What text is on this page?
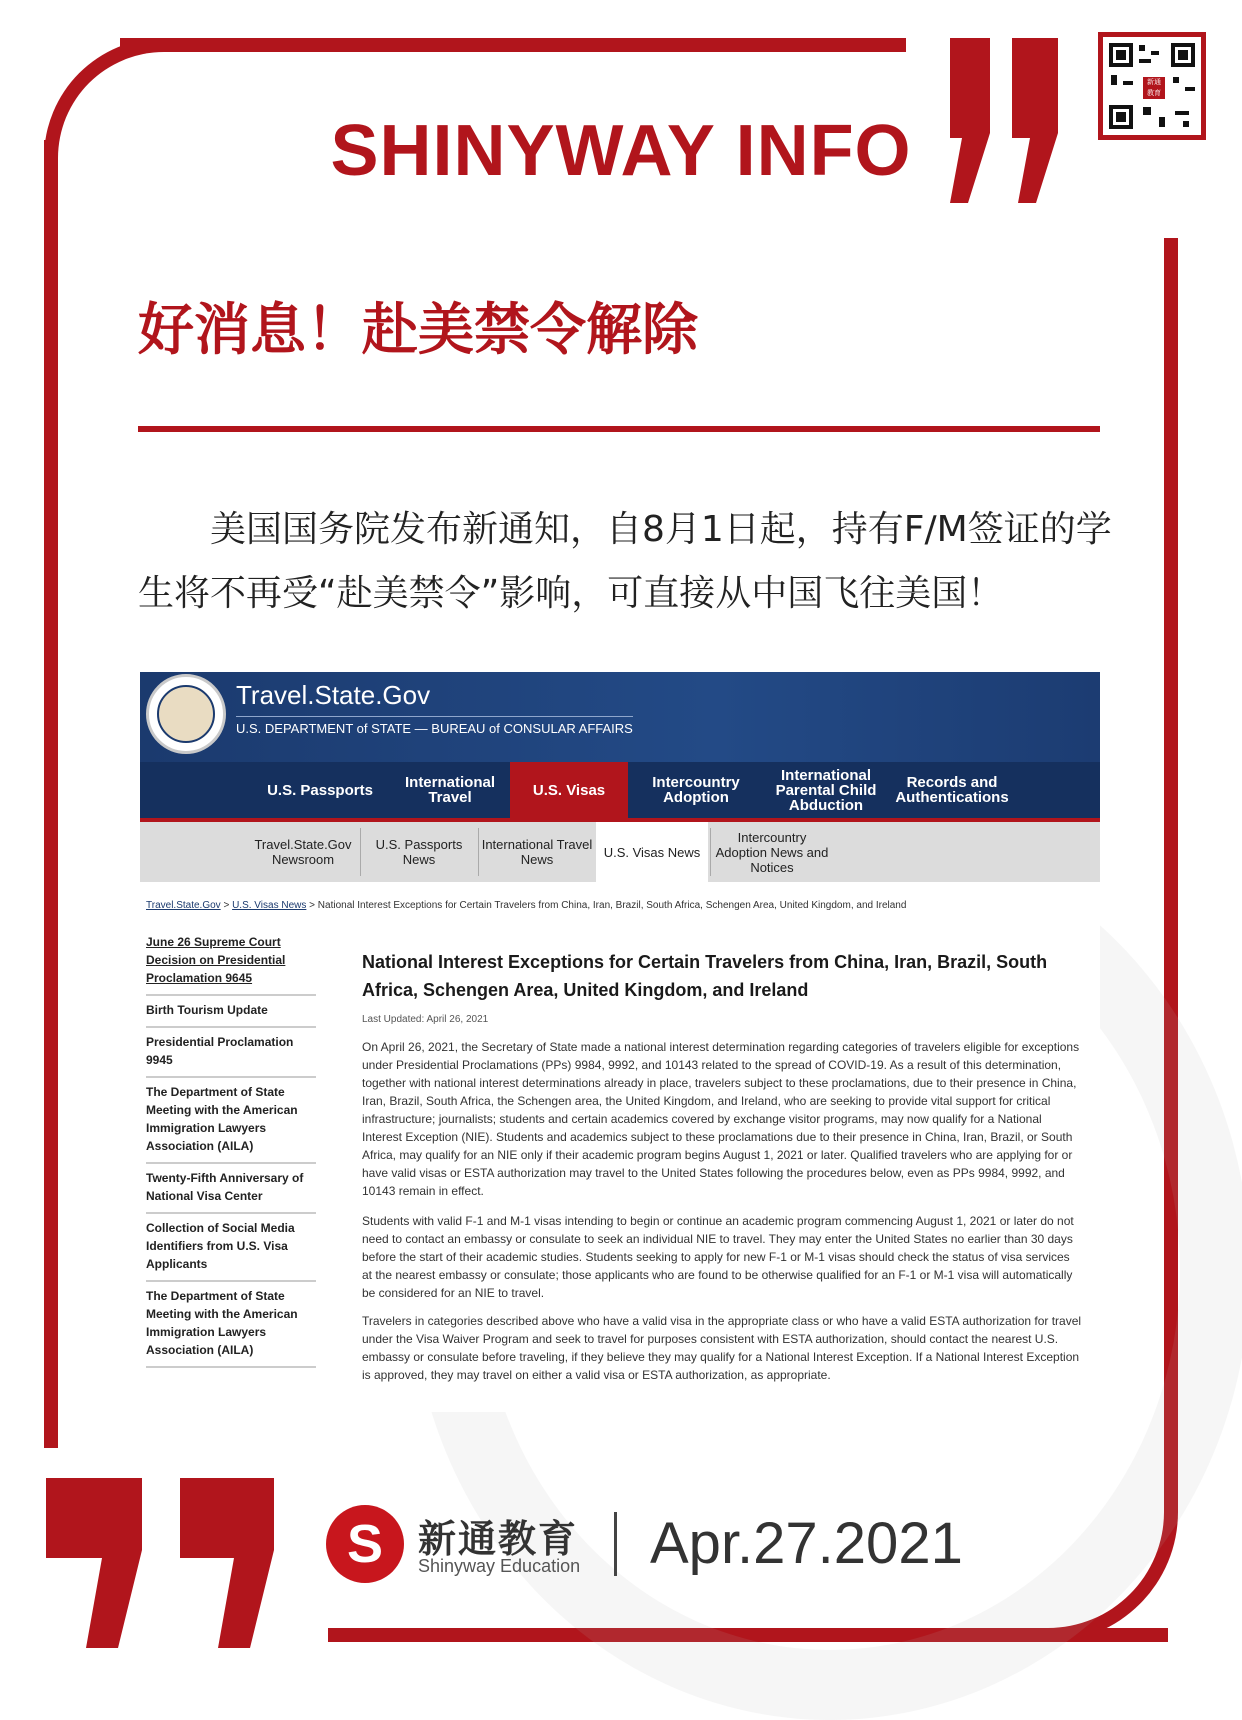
新通 教育
SHINYWAY INFO
好消息！赴美禁令解除
美国国务院发布新通知，自8月1日起，持有F/M签证的学生将不再受“赴美禁令”影响，可直接从中国飞往美国！
Travel.State.Gov
U.S. DEPARTMENT of STATE — BUREAU of CONSULAR AFFAIRS
U.S. Passports	International Travel	U.S. Visas	Intercountry Adoption
International Parental Child Abduction
Records and Authentications
Travel.State.Gov Newsroom
U.S. Passports News
International Travel News	U.S. Visas News
Intercountry Adoption News and Notices
Travel.State.Gov > U.S. Visas News > National Interest Exceptions for Certain Travelers from China, Iran, Brazil, South Africa, Schengen Area, United Kingdom, and Ireland
June 26 Supreme Court Decision on Presidential Proclamation 9645
Birth Tourism Update
Presidential Proclamation 9945
The Department of State Meeting with the American Immigration Lawyers Association (AILA)
Twenty-Fifth Anniversary of National Visa Center
Collection of Social Media Identifiers from U.S. Visa Applicants
The Department of State Meeting with the American Immigration Lawyers Association (AILA)
National Interest Exceptions for Certain Travelers from China, Iran, Brazil, South Africa, Schengen Area, United Kingdom, and Ireland
Last Updated: April 26, 2021
On April 26, 2021, the Secretary of State made a national interest determination regarding categories of travelers eligible for exceptions under Presidential Proclamations (PPs) 9984, 9992, and 10143 related to the spread of COVID-19. As a result of this determination, together with national interest determinations already in place, travelers subject to these proclamations, due to their presence in China, Iran, Brazil, South Africa, the Schengen area, the United Kingdom, and Ireland, who are seeking to provide vital support for critical infrastructure; journalists; students and certain academics covered by exchange visitor programs, may now qualify for a National Interest Exception (NIE). Students and academics subject to these proclamations due to their presence in China, Iran, Brazil, or South Africa, may qualify for an NIE only if their academic program begins August 1, 2021 or later. Qualified travelers who are applying for or have valid visas or ESTA authorization may travel to the United States following the procedures below, even as PPs 9984, 9992, and 10143 remain in effect.
Students with valid F-1 and M-1 visas intending to begin or continue an academic program commencing August 1, 2021 or later do not need to contact an embassy or consulate to seek an individual NIE to travel. They may enter the United States no earlier than 30 days before the start of their academic studies. Students seeking to apply for new F-1 or M-1 visas should check the status of visa services at the nearest embassy or consulate; those applicants who are found to be otherwise qualified for an F-1 or M-1 visa will automatically be considered for an NIE to travel.
Travelers in categories described above who have a valid visa in the appropriate class or who have a valid ESTA authorization for travel under the Visa Waiver Program and seek to travel for purposes consistent with ESTA authorization, should contact the nearest U.S. embassy or consulate before traveling, if they believe they may qualify for a National Interest Exception. If a National Interest Exception is approved, they may travel on either a valid visa or ESTA authorization, as appropriate.
S 新通教育
Shinyway Education Apr.27.2021
